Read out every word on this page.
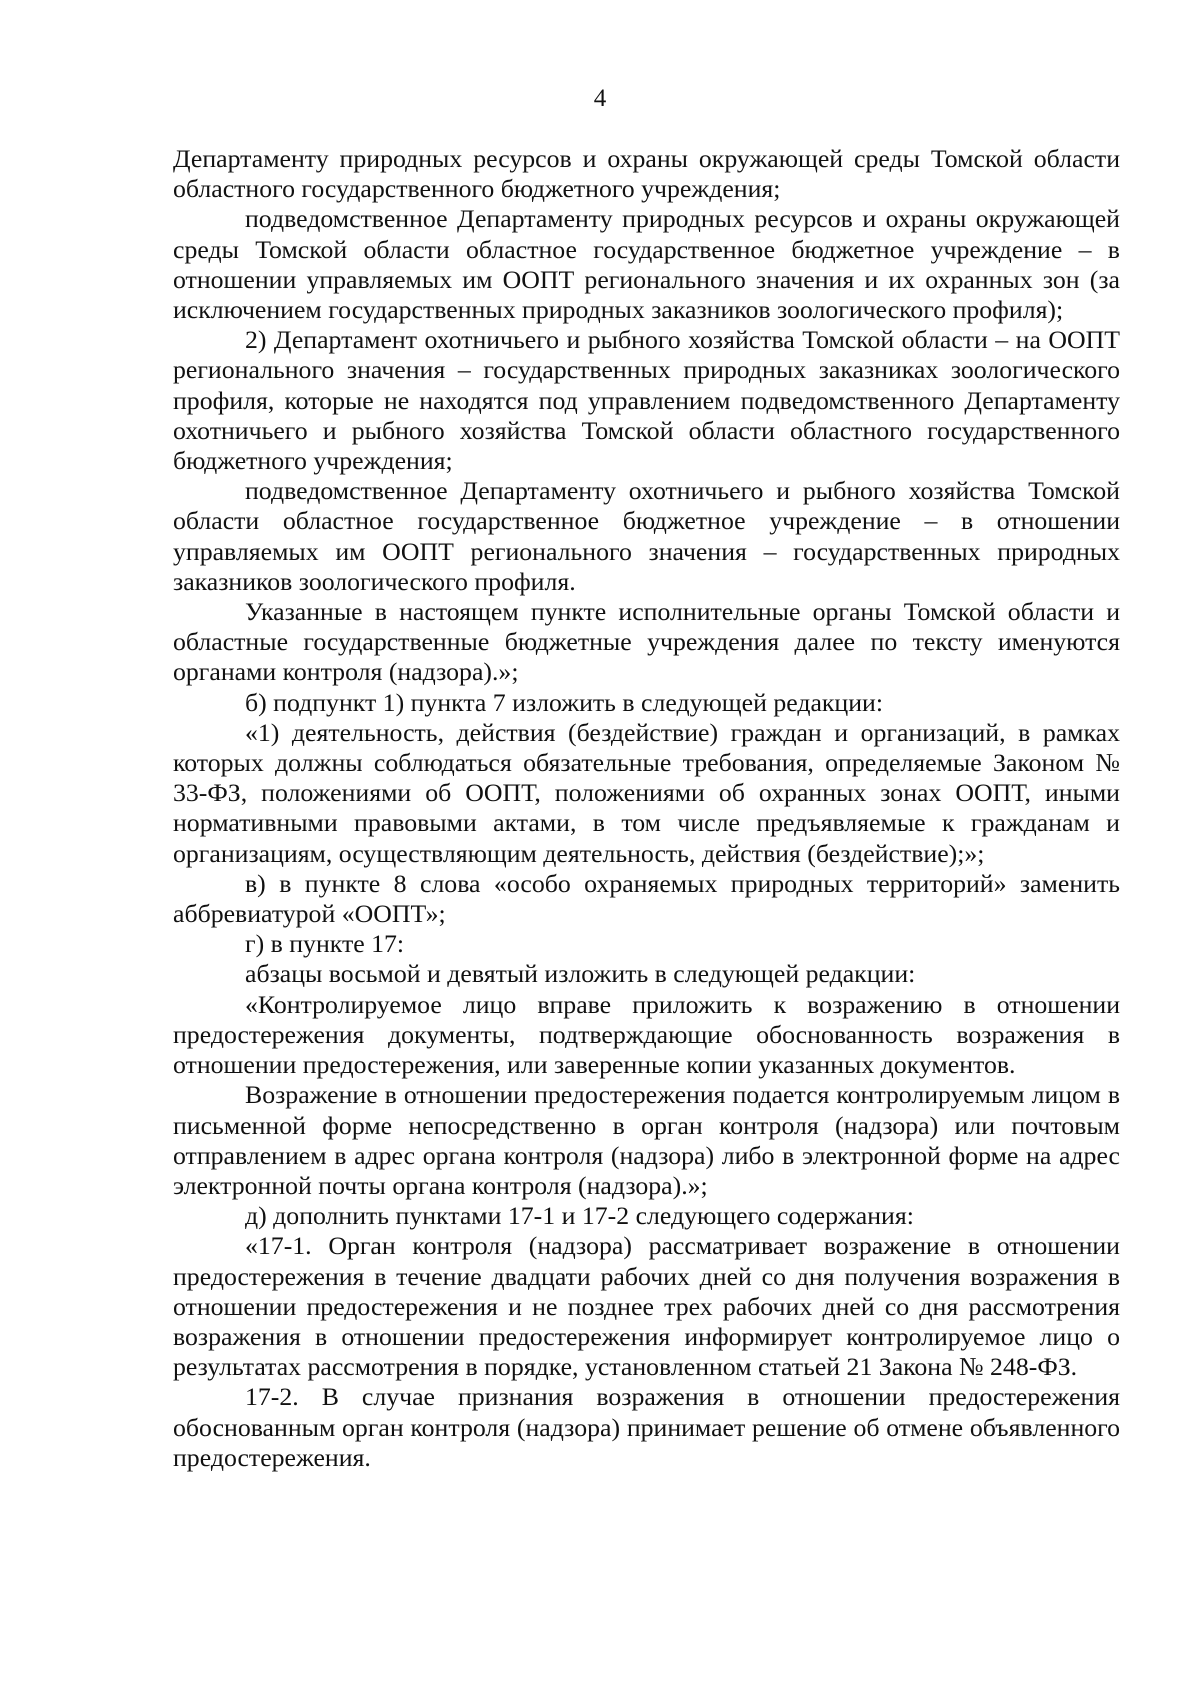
4

Департаменту природных ресурсов и охраны окружающей среды Томской области областного государственного бюджетного учреждения;

подведомственное Департаменту природных ресурсов и охраны окружающей среды Томской области областное государственное бюджетное учреждение – в отношении управляемых им ООПТ регионального значения и их охранных зон (за исключением государственных природных заказников зоологического профиля);

2) Департамент охотничьего и рыбного хозяйства Томской области – на ООПТ регионального значения – государственных природных заказниках зоологического профиля, которые не находятся под управлением подведомственного Департаменту охотничьего и рыбного хозяйства Томской области областного государственного бюджетного учреждения;

подведомственное Департаменту охотничьего и рыбного хозяйства Томской области областное государственное бюджетное учреждение – в отношении управляемых им ООПТ регионального значения – государственных природных заказников зоологического профиля.

Указанные в настоящем пункте исполнительные органы Томской области и областные государственные бюджетные учреждения далее по тексту именуются органами контроля (надзора).»;

б) подпункт 1) пункта 7 изложить в следующей редакции:

«1) деятельность, действия (бездействие) граждан и организаций, в рамках которых должны соблюдаться обязательные требования, определяемые Законом № 33-ФЗ, положениями об ООПТ, положениями об охранных зонах ООПТ, иными нормативными правовыми актами, в том числе предъявляемые к гражданам и организациям, осуществляющим деятельность, действия (бездействие);»;

в) в пункте 8 слова «особо охраняемых природных территорий» заменить аббревиатурой «ООПТ»;

г) в пункте 17:

абзацы восьмой и девятый изложить в следующей редакции:

«Контролируемое лицо вправе приложить к возражению в отношении предостережения документы, подтверждающие обоснованность возражения в отношении предостережения, или заверенные копии указанных документов.

Возражение в отношении предостережения подается контролируемым лицом в письменной форме непосредственно в орган контроля (надзора) или почтовым отправлением в адрес органа контроля (надзора) либо в электронной форме на адрес электронной почты органа контроля (надзора).»;

д) дополнить пунктами 17-1 и 17-2 следующего содержания:

«17-1. Орган контроля (надзора) рассматривает возражение в отношении предостережения в течение двадцати рабочих дней со дня получения возражения в отношении предостережения и не позднее трех рабочих дней со дня рассмотрения возражения в отношении предостережения информирует контролируемое лицо о результатах рассмотрения в порядке, установленном статьей 21 Закона № 248-ФЗ.

17-2. В случае признания возражения в отношении предостережения обоснованным орган контроля (надзора) принимает решение об отмене объявленного предостережения.
